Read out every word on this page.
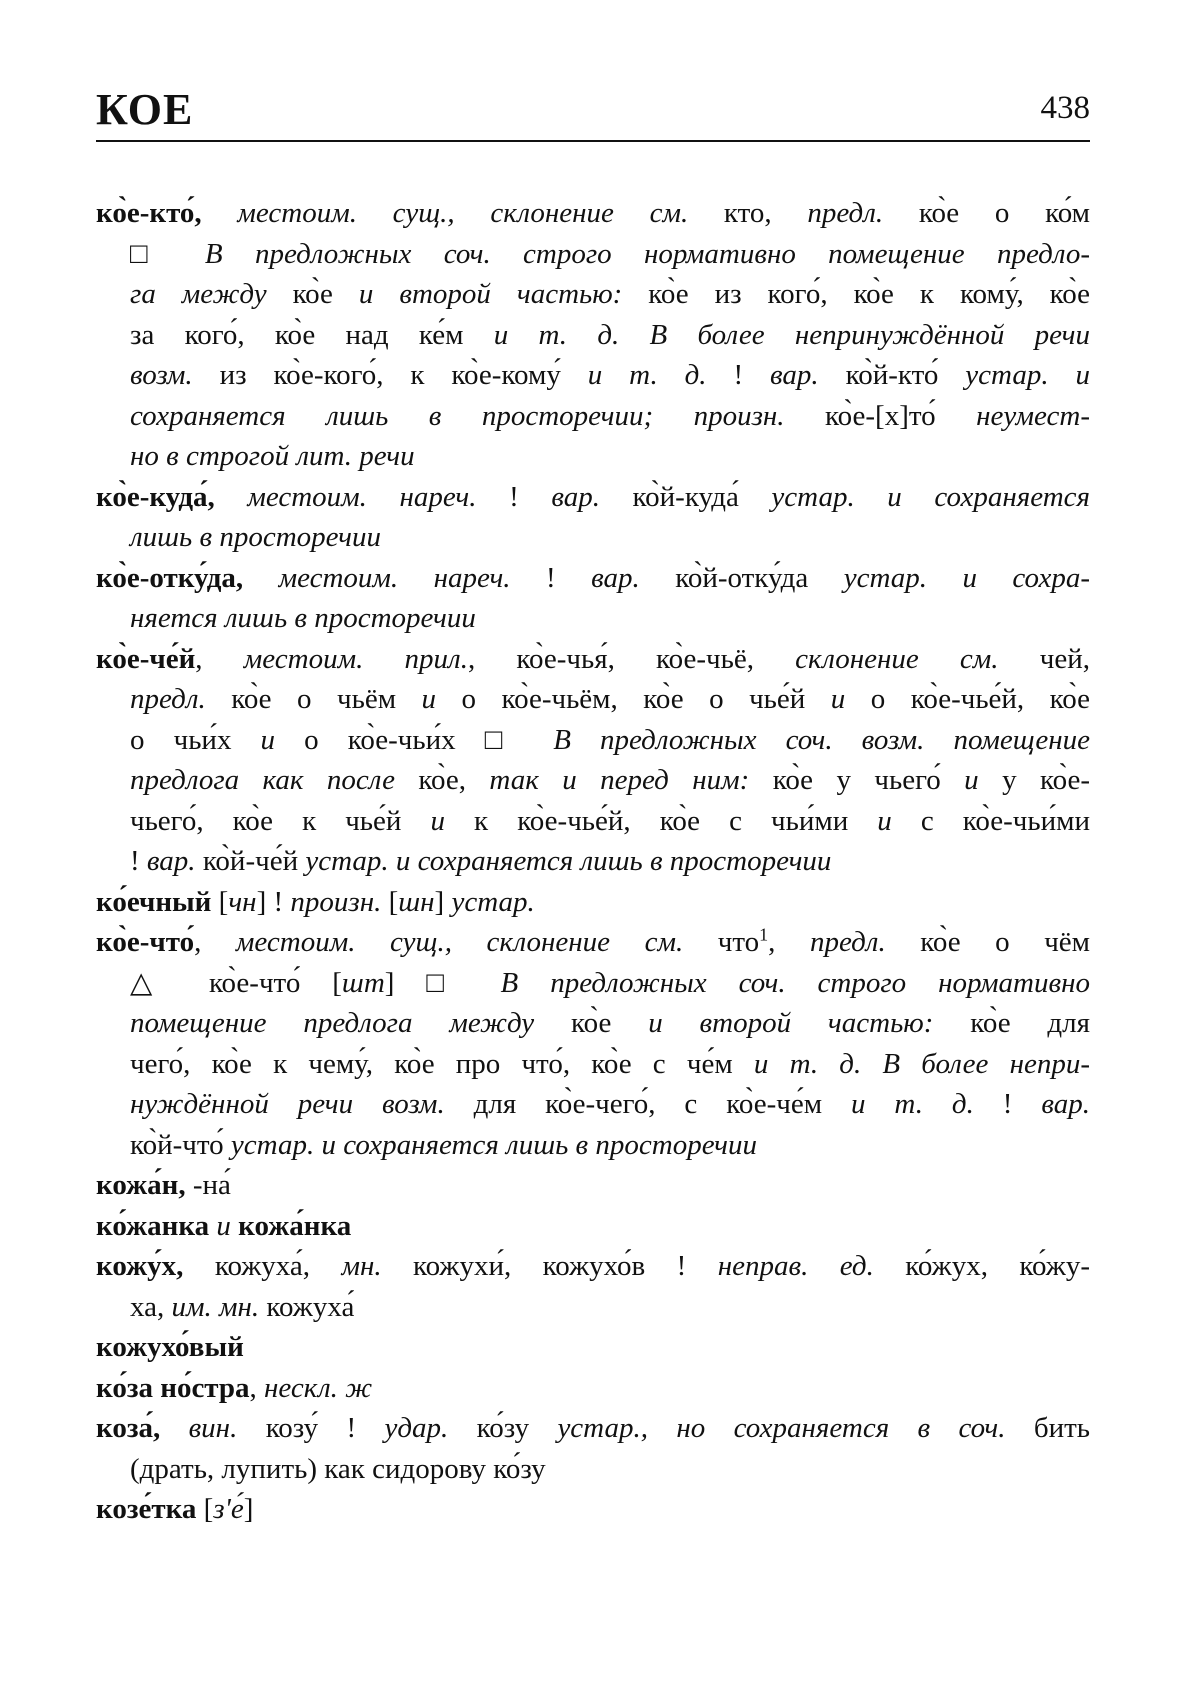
КОЕ	438
ко̀е-кто́, местоим. сущ., склонение см. кто, предл. ко̀е о ко́м
□ В предложных соч. строго нормативно помещение предло-
га между ко̀е и второй частью: ко̀е из кого́, ко̀е к кому́, ко̀е
за кого́, ко̀е над ке́м и т. д. В более непринуждённой речи
возм. из ко̀е-кого́, к ко̀е-кому́ и т. д. ! вар. ко̀й-кто́ устар. и
сохраняется лишь в просторечии; произн. ко̀е-[х]то́ неумест-
но в строгой лит. речи
ко̀е-куда́, местоим. нареч. ! вар. ко̀й-куда́ устар. и сохраняется
лишь в просторечии
ко̀е-отку́да, местоим. нареч. ! вар. ко̀й-отку́да устар. и сохра-
няется лишь в просторечии
ко̀е-че́й, местоим. прил., ко̀е-чья́, ко̀е-чьё, склонение см. чей,
предл. ко̀е о чьём и о ко̀е-чьём, ко̀е о чье́й и о ко̀е-чье́й, ко̀е
о чьи́х и о ко̀е-чьи́х □ В предложных соч. возм. помещение
предлога как после ко̀е, так и перед ним: ко̀е у чьего́ и у ко̀е-
чьего́, ко̀е к чье́й и к ко̀е-чье́й, ко̀е с чьи́ми и с ко̀е-чьи́ми
! вар. ко̀й-че́й устар. и сохраняется лишь в просторечии
ко́ечный [чн] ! произн. [шн] устар.
ко̀е-что́, местоим. сущ., склонение см. что$^1$, предл. ко̀е о чём
△ ко̀е-что́ [шт] □ В предложных соч. строго нормативно
помещение предлога между ко̀е и второй частью: ко̀е для
чего́, ко̀е к чему́, ко̀е про что́, ко̀е с че́м и т. д. В более непри-
нуждённой речи возм. для ко̀е-чего́, с ко̀е-че́м и т. д. ! вар.
ко̀й-что́ устар. и сохраняется лишь в просторечии
кожа́н, -на́
ко́жанка и кожа́нка
кожу́х, кожуха́, мн. кожухи́, кожухо́в ! неправ. ед. ко́жух, ко́жу-
ха, им. мн. кожуха́
кожухо́вый
ко́за но́стра, нескл. ж
коза́, вин. козу́ ! удар. ко́зу устар., но сохраняется в соч. бить
(драть, лупить) как сидорову ко́зу
козе́тка [з'е́]
